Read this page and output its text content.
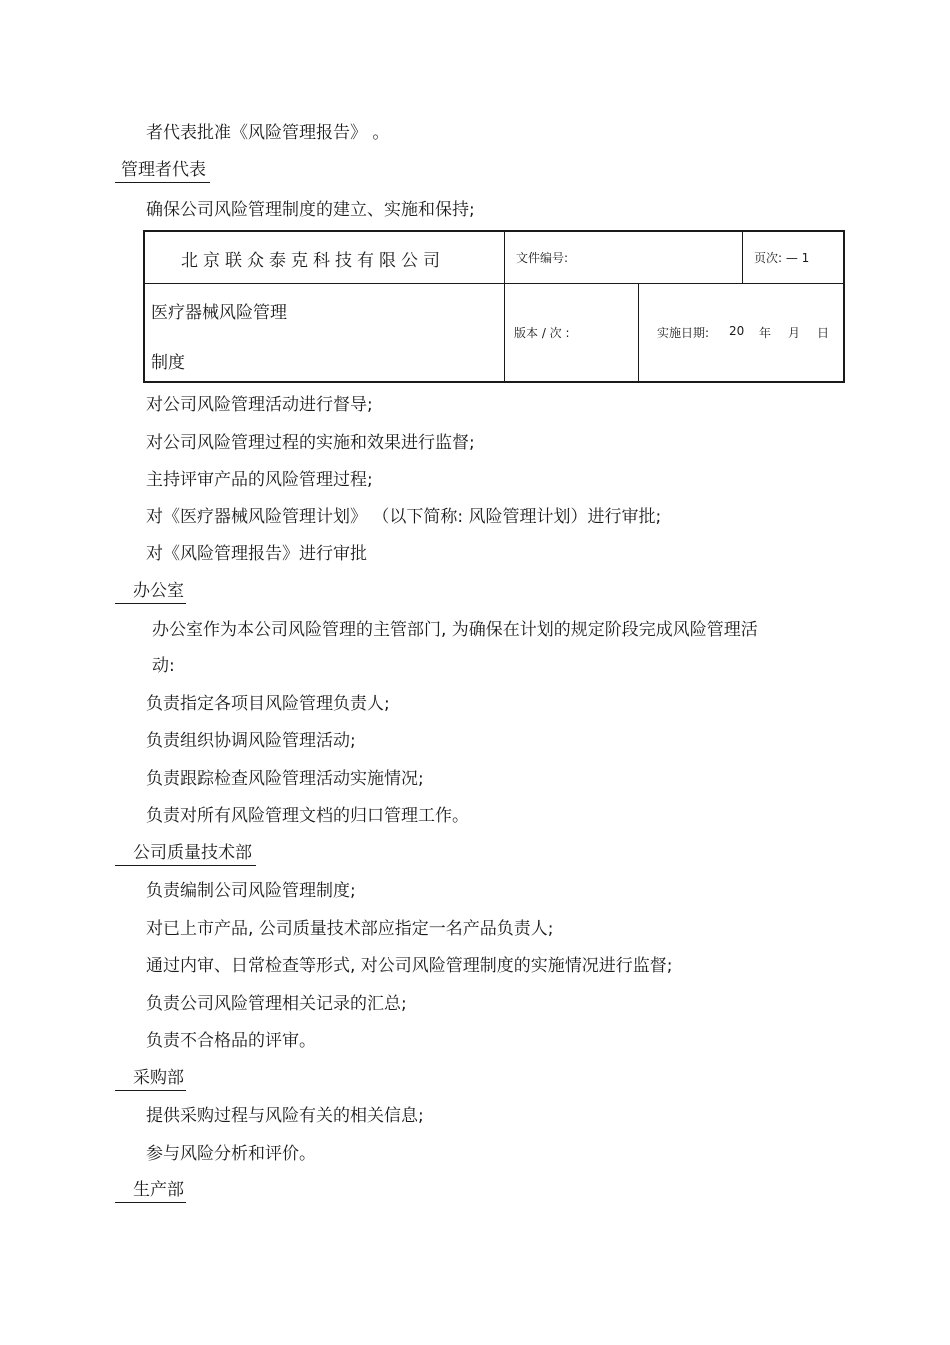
者代表批准《风险管理报告》 。
管理者代表
确保公司风险管理制度的建立、实施和保持;
北京联众泰克科技有限公司	文件编号:	页次: — 1
医疗器械风险管理
制度
版本 / 次 :	实施日期: 20 年 月 日
对公司风险管理活动进行督导;
对公司风险管理过程的实施和效果进行监督;
主持评审产品的风险管理过程;
对《医疗器械风险管理计划》 （以下简称: 风险管理计划）进行审批;
对《风险管理报告》进行审批
办公室
办公室作为本公司风险管理的主管部门, 为确保在计划的规定阶段完成风险管理活
动:
负责指定各项目风险管理负责人;
负责组织协调风险管理活动;
负责跟踪检查风险管理活动实施情况;
负责对所有风险管理文档的归口管理工作。
公司质量技术部
负责编制公司风险管理制度;
对已上市产品, 公司质量技术部应指定一名产品负责人;
通过内审、日常检查等形式, 对公司风险管理制度的实施情况进行监督;
负责公司风险管理相关记录的汇总;
负责不合格品的评审。
采购部
提供采购过程与风险有关的相关信息;
参与风险分析和评价。
生产部
